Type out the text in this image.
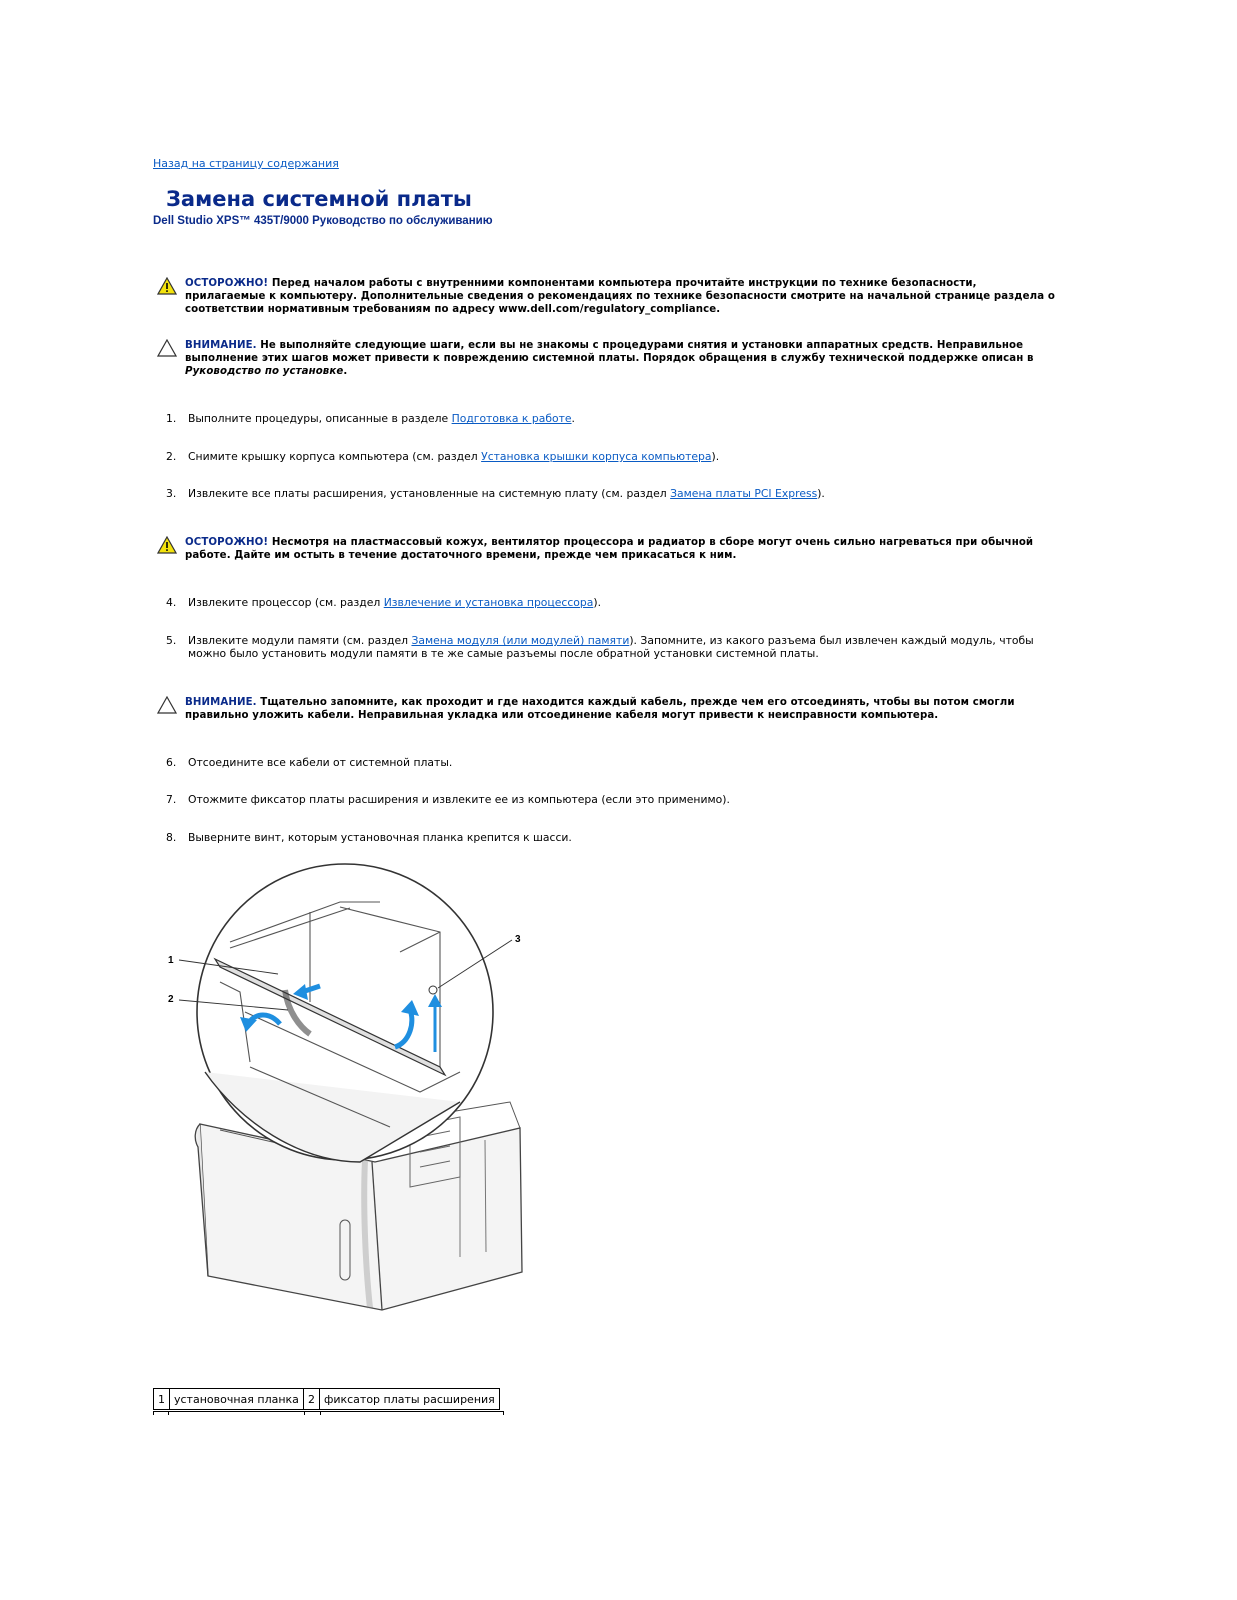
Назад на страницу содержания
Замена системной платы
Dell Studio XPS™ 435T/9000 Руководство по обслуживанию
ОСТОРОЖНО! Перед началом работы с внутренними компонентами компьютера прочитайте инструкции по технике безопасности, прилагаемые к компьютеру. Дополнительные сведения о рекомендациях по технике безопасности смотрите на начальной странице раздела о соответствии нормативным требованиям по адресу www.dell.com/regulatory_compliance.
ВНИМАНИЕ. Не выполняйте следующие шаги, если вы не знакомы с процедурами снятия и установки аппаратных средств. Неправильное выполнение этих шагов может привести к повреждению системной платы. Порядок обращения в службу технической поддержке описан в Руководство по установке.
1.	Выполните процедуры, описанные в разделе Подготовка к работе.
2.	Снимите крышку корпуса компьютера (см. раздел Установка крышки корпуса компьютера).
3.	Извлеките все платы расширения, установленные на системную плату (см. раздел Замена платы PCI Express).
ОСТОРОЖНО! Несмотря на пластмассовый кожух, вентилятор процессора и радиатор в сборе могут очень сильно нагреваться при обычной работе. Дайте им остыть в течение достаточного времени, прежде чем прикасаться к ним.
4.	Извлеките процессор (см. раздел Извлечение и установка процессора).
5.	Извлеките модули памяти (см. раздел Замена модуля (или модулей) памяти). Запомните, из какого разъема был извлечен каждый модуль, чтобы можно было установить модули памяти в те же самые разъемы после обратной установки системной платы.
ВНИМАНИЕ. Тщательно запомните, как проходит и где находится каждый кабель, прежде чем его отсоединять, чтобы вы потом смогли правильно уложить кабели. Неправильная укладка или отсоединение кабеля могут привести к неисправности компьютера.
6.	Отсоедините все кабели от системной платы.
7.	Отожмите фиксатор платы расширения и извлеките ее из компьютера (если это применимо).
8.	Выверните винт, которым установочная планка крепится к шасси.
1
2
3
1	установочная планка	2	фиксатор платы расширения
